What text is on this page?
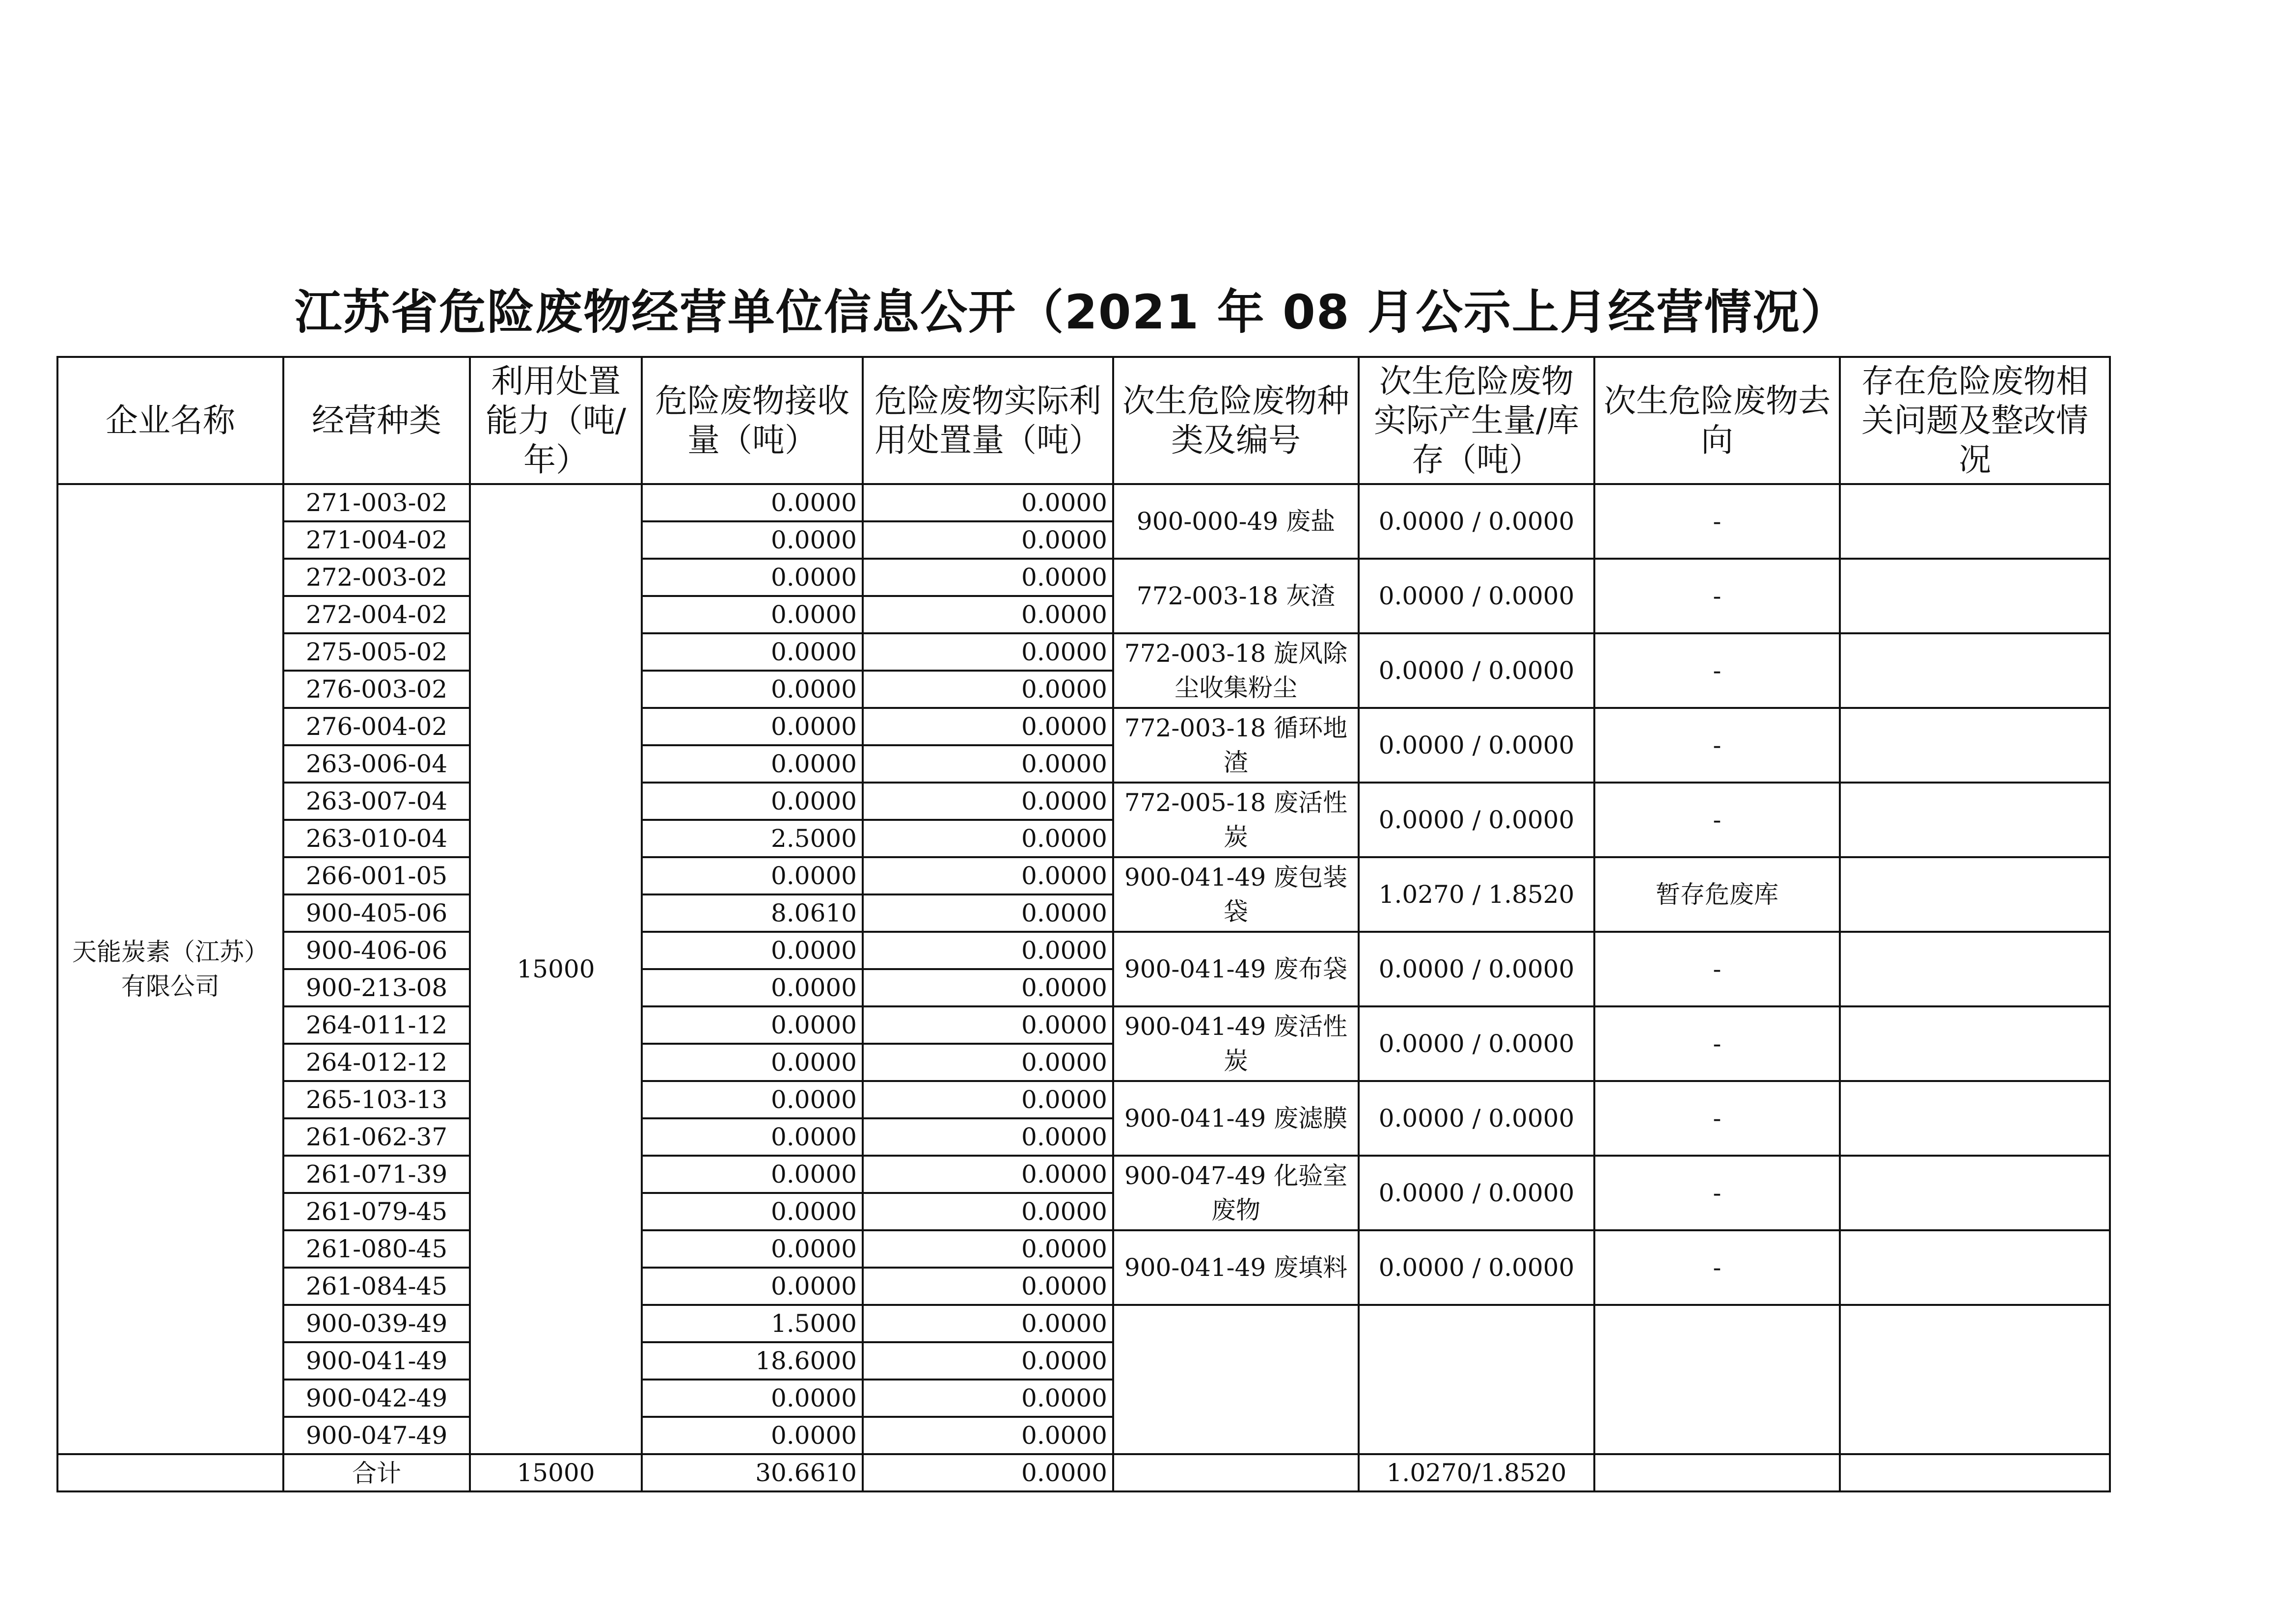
江苏省危险废物经营单位信息公开（2021 年 08 月公示上月经营情况）
企业名称	经营种类	利用处置能力（吨/年）	危险废物接收量（吨）	危险废物实际利用处置量（吨）	次生危险废物种类及编号	次生危险废物实际产生量/库存（吨）	次生危险废物去向	存在危险废物相关问题及整改情况
天能炭素（江苏）有限公司	271-003-02	15000	0.0000	0.0000	900-000-49 废盐	0.0000 / 0.0000	-	
	271-004-02		0.0000	0.0000				
	272-003-02		0.0000	0.0000	772-003-18 灰渣	0.0000 / 0.0000	-	
	272-004-02		0.0000	0.0000				
	275-005-02		0.0000	0.0000	772-003-18 旋风除尘收集粉尘	0.0000 / 0.0000	-	
	276-003-02		0.0000	0.0000				
	276-004-02		0.0000	0.0000	772-003-18 循环地渣	0.0000 / 0.0000	-	
	263-006-04		0.0000	0.0000				
	263-007-04		0.0000	0.0000	772-005-18 废活性炭	0.0000 / 0.0000	-	
	263-010-04		2.5000	0.0000				
	266-001-05		0.0000	0.0000	900-041-49 废包装袋	1.0270 / 1.8520	暂存危废库	
	900-405-06		8.0610	0.0000				
	900-406-06		0.0000	0.0000	900-041-49 废布袋	0.0000 / 0.0000	-	
	900-213-08		0.0000	0.0000				
	264-011-12		0.0000	0.0000	900-041-49 废活性炭	0.0000 / 0.0000	-	
	264-012-12		0.0000	0.0000				
	265-103-13		0.0000	0.0000	900-041-49 废滤膜	0.0000 / 0.0000	-	
	261-062-37		0.0000	0.0000				
	261-071-39		0.0000	0.0000	900-047-49 化验室废物	0.0000 / 0.0000	-	
	261-079-45		0.0000	0.0000				
	261-080-45		0.0000	0.0000	900-041-49 废填料	0.0000 / 0.0000	-	
	261-084-45		0.0000	0.0000				
	900-039-49		1.5000	0.0000				
	900-041-49		18.6000	0.0000				
	900-042-49		0.0000	0.0000				
	900-047-49		0.0000	0.0000				
	合计	15000	30.6610	0.0000		1.0270/1.8520		
